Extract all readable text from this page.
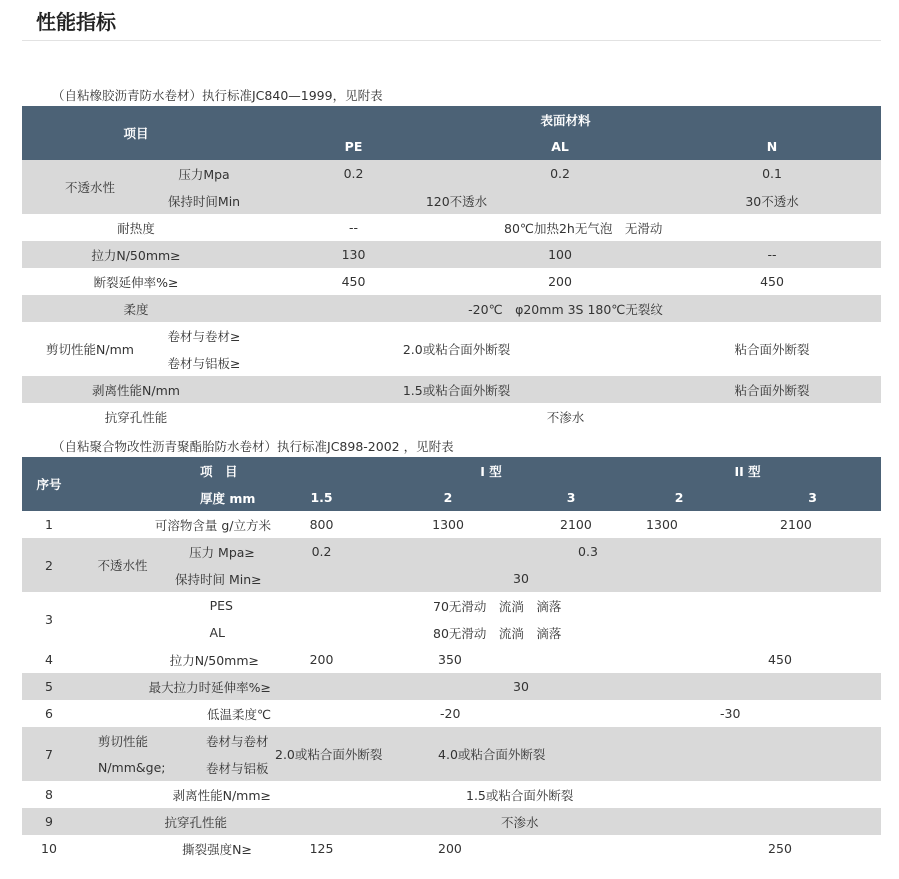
性能指标
（自粘橡胶沥青防水卷材）执行标准JC840—1999，见附表
项目		表面材料		
		PE	AL	N
不透水性	压力Mpa	0.2	0.2	0.1
	保持时间Min	120不透水		30不透水
耐热度		--	80℃加热2h无气泡　无滑动	
拉力N/50mm≥		130	100	--
断裂延伸率%≥		450	200	450
柔度		-20℃　φ20mm 3S 180℃无裂纹		
剪切性能N/mm	卷材与卷材≥	2.0或粘合面外断裂		粘合面外断裂
	卷材与铝板≥			
剥离性能N/mm		1.5或粘合面外断裂		粘合面外断裂
抗穿孔性能		不渗水		
（自粘聚合物改性沥青聚酯胎防水卷材）执行标准JC898-2002 ，见附表
序号	项　目			I 型		II 型	
	厚度 mm		1.5	2	3	2	3
1	可溶物含量 g/立方米		800	1300	2100	1300	2100
2	不透水性	压力 Mpa≥	0.2	0.3			
		保持时间 Min≥	30				
3	PES		70无滑动　流淌　滴落				
	AL		80无滑动　流淌　滴落				
4	拉力N/50mm≥		200	350		450	
5	最大拉力时延伸率%≥		30				
6	低温柔度℃		-20			-30	
7	剪切性能	卷材与卷材	2.0或粘合面外断裂	4.0或粘合面外断裂			
	N/mm&ge;	卷材与铝板					
8	剥离性能N/mm≥		1.5或粘合面外断裂				
9	抗穿孔性能		不渗水				
10	撕裂强度N≥		125	200		250	
